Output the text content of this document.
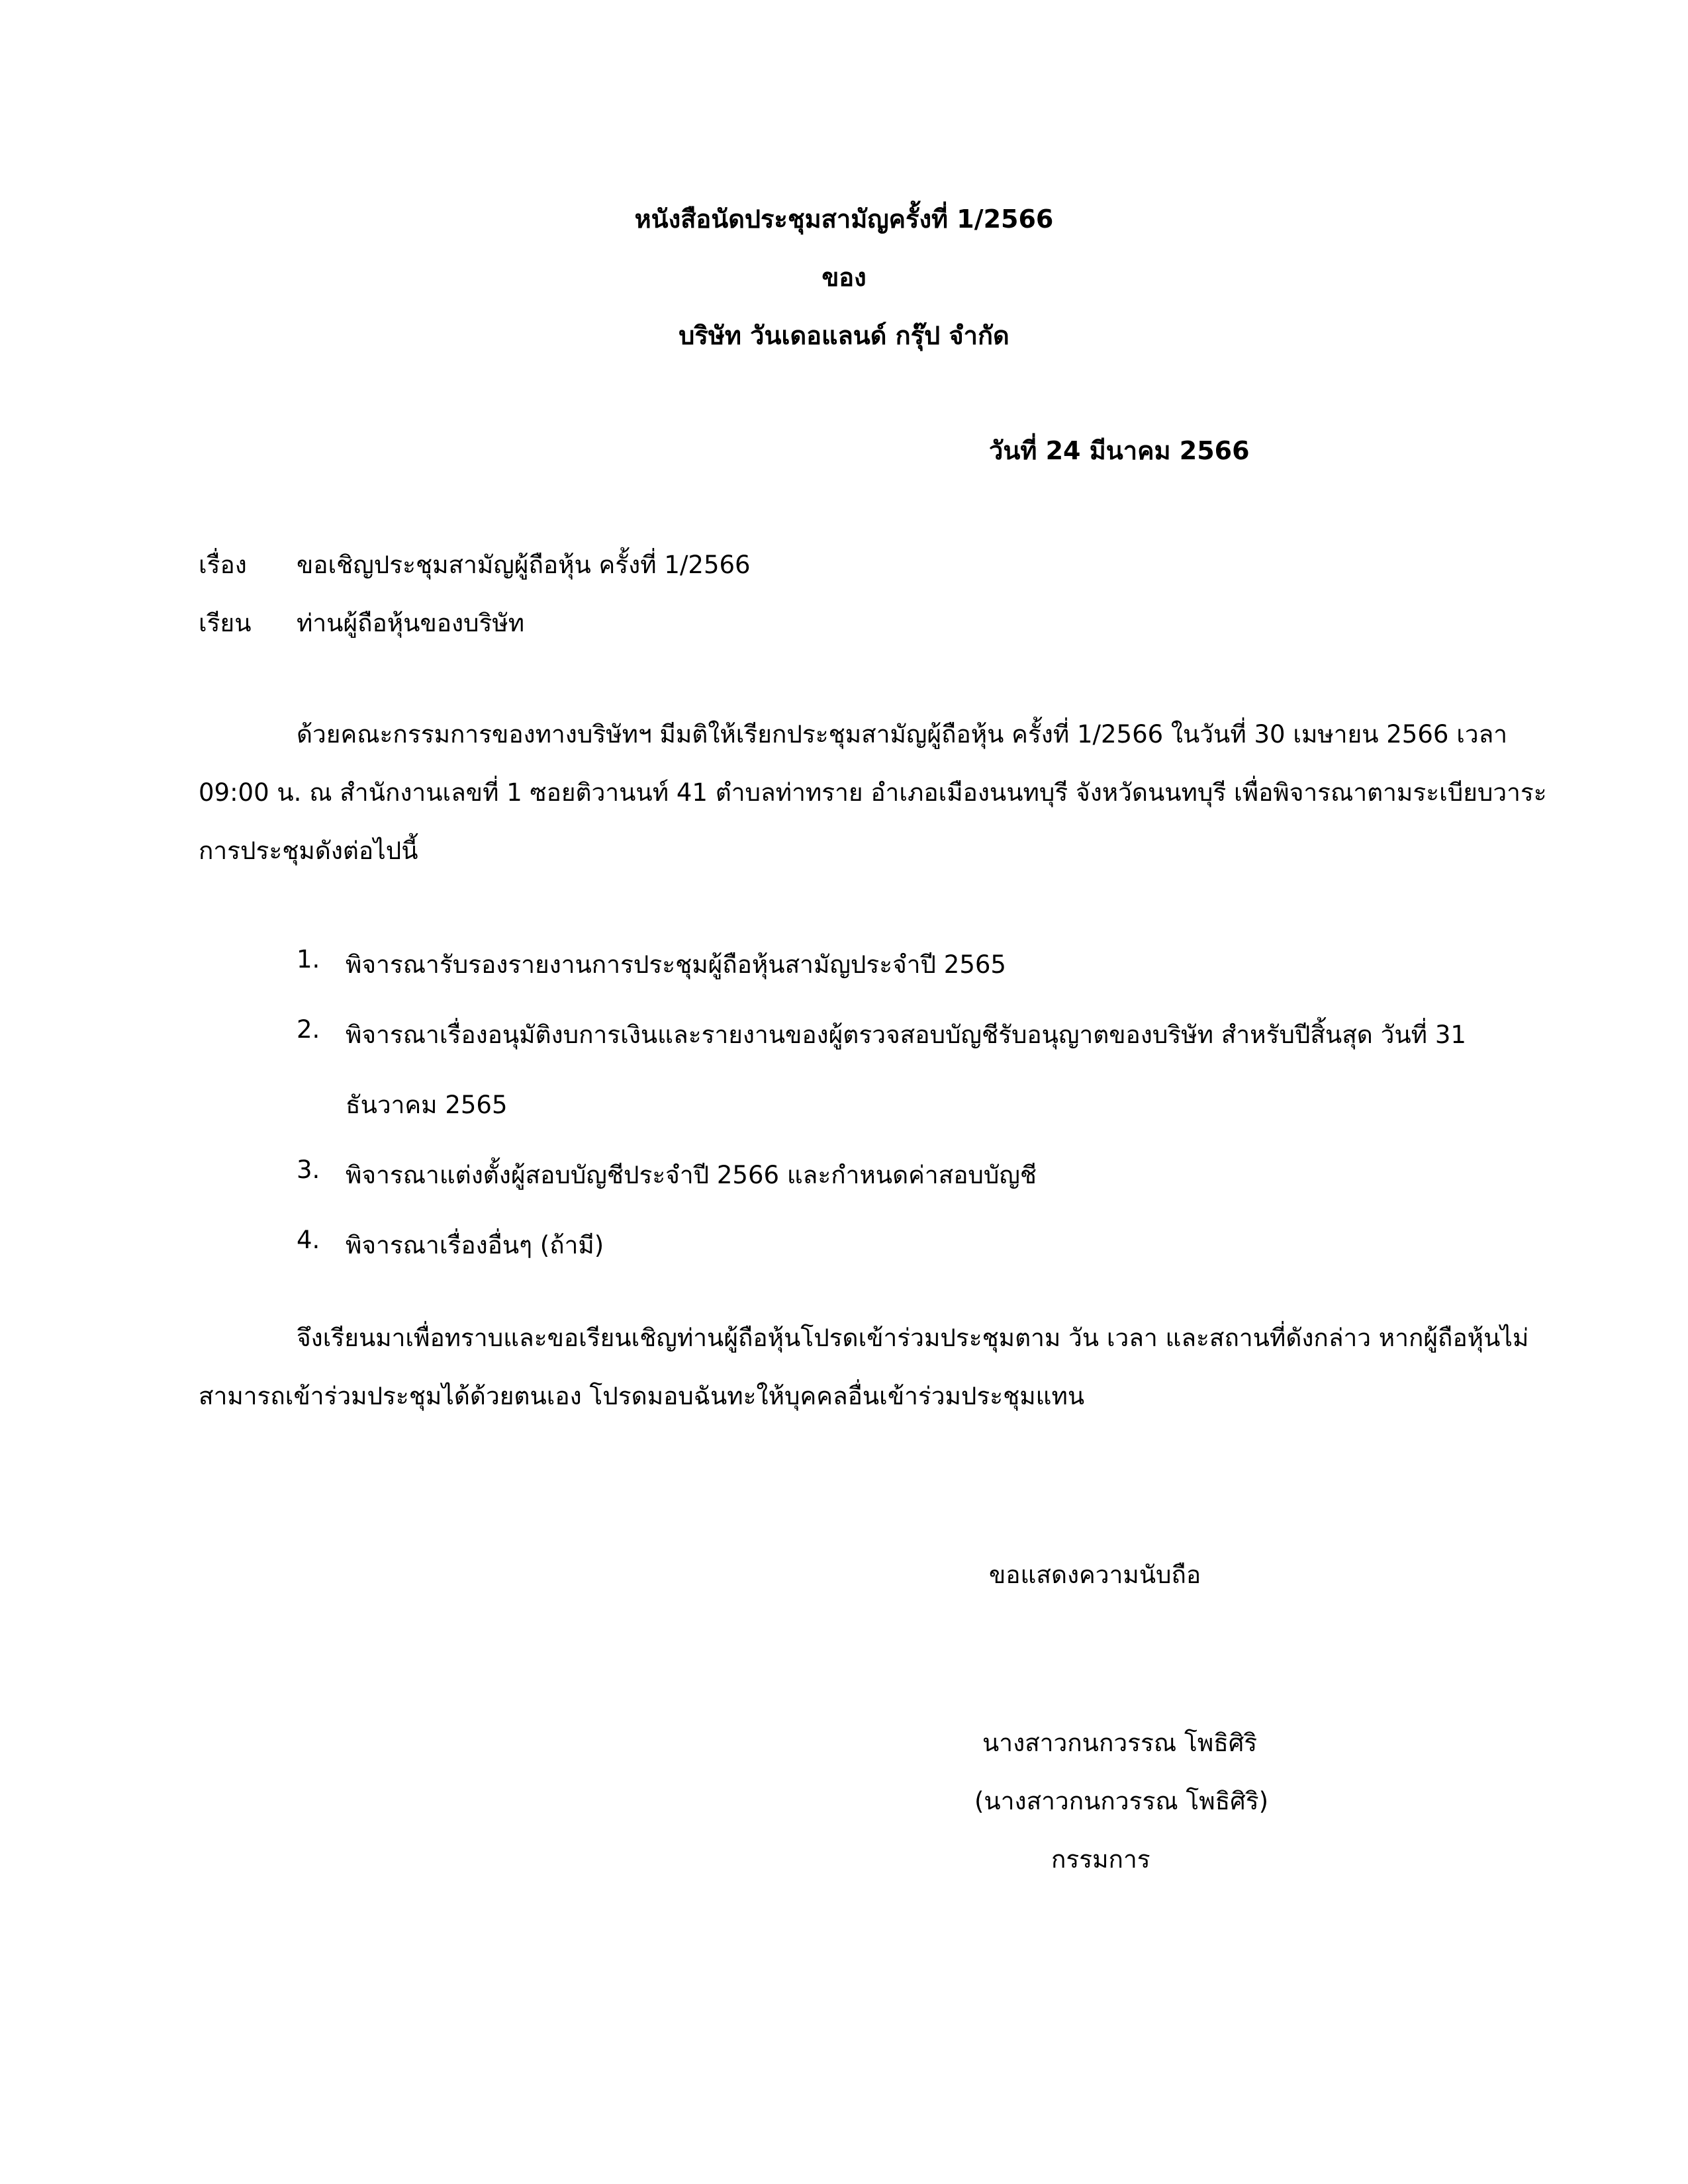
หนังสือนัดประชุมสามัญครั้งที่ 1/2566
ของ
บริษัท วันเดอแลนด์ กรุ๊ป จำกัด
วันที่ 24 มีนาคม 2566
เรื่อง ขอเชิญประชุมสามัญผู้ถือหุ้น ครั้งที่ 1/2566
เรียน ท่านผู้ถือหุ้นของบริษัท
ด้วยคณะกรรมการของทางบริษัทฯ มีมติให้เรียกประชุมสามัญผู้ถือหุ้น ครั้งที่ 1/2566 ในวันที่ 30 เมษายน 2566 เวลา
09:00 น. ณ สำนักงานเลขที่ 1 ซอยติวานนท์ 41 ตำบลท่าทราย อำเภอเมืองนนทบุรี จังหวัดนนทบุรี เพื่อพิจารณาตามระเบียบวาระ
การประชุมดังต่อไปนี้
1. พิจารณารับรองรายงานการประชุมผู้ถือหุ้นสามัญประจำปี 2565
2. พิจารณาเรื่องอนุมัติงบการเงินและรายงานของผู้ตรวจสอบบัญชีรับอนุญาตของบริษัท สำหรับปีสิ้นสุด วันที่ 31
ธันวาคม 2565
3. พิจารณาแต่งตั้งผู้สอบบัญชีประจำปี 2566 และกำหนดค่าสอบบัญชี
4. พิจารณาเรื่องอื่นๆ (ถ้ามี)
จึงเรียนมาเพื่อทราบและขอเรียนเชิญท่านผู้ถือหุ้นโปรดเข้าร่วมประชุมตาม วัน เวลา และสถานที่ดังกล่าว หากผู้ถือหุ้นไม่
สามารถเข้าร่วมประชุมได้ด้วยตนเอง โปรดมอบฉันทะให้บุคคลอื่นเข้าร่วมประชุมแทน
ขอแสดงความนับถือ
นางสาวกนกวรรณ โพธิศิริ
(นางสาวกนกวรรณ โพธิศิริ)
กรรมการ
